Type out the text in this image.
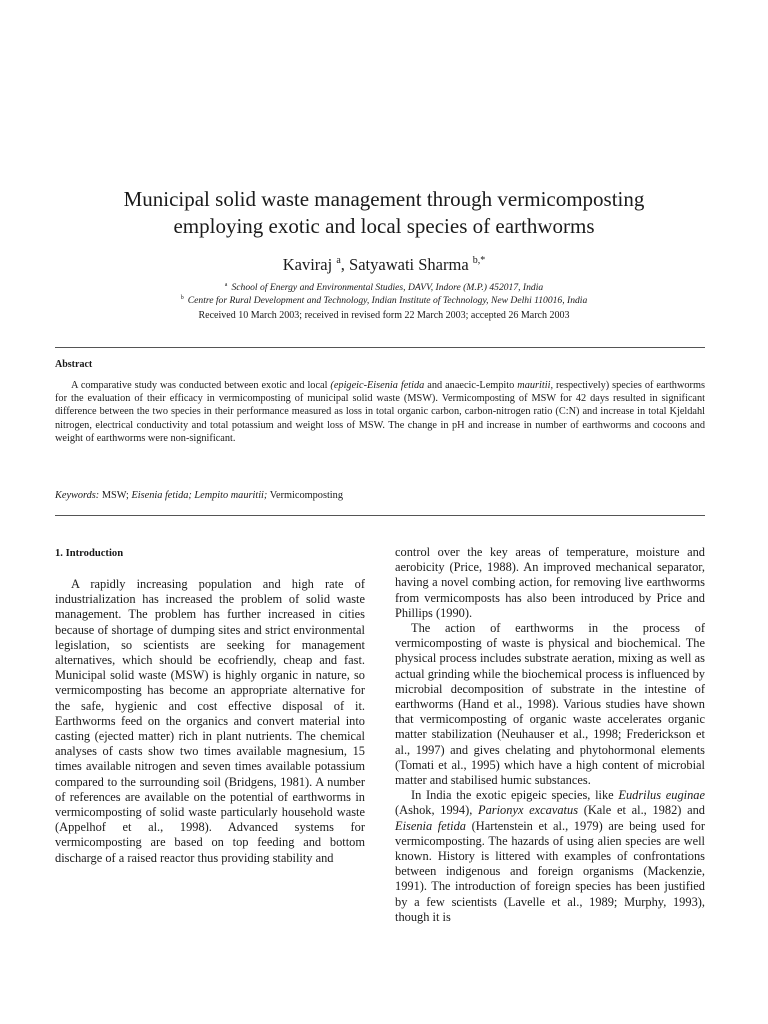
Municipal solid waste management through vermicomposting
employing exotic and local species of earthworms
Kaviraj $^a$, Satyawati Sharma $^{b,*}$
$^a$ School of Energy and Environmental Studies, DAVV, Indore (M.P.) 452017, India
$^b$ Centre for Rural Development and Technology, Indian Institute of Technology, New Delhi 110016, India
Received 10 March 2003; received in revised form 22 March 2003; accepted 26 March 2003
Abstract

A comparative study was conducted between exotic and local (epigeic-Eisenia fetida and anaecic-Lempito mauritii, respectively) species of earthworms for the evaluation of their efficacy in vermicomposting of municipal solid waste (MSW). Vermicomposting of MSW for 42 days resulted in significant difference between the two species in their performance measured as loss in total organic carbon, carbon-nitrogen ratio (C:N) and increase in total Kjeldahl nitrogen, electrical conductivity and total potassium and weight loss of MSW. The change in pH and increase in number of earthworms and cocoons and weight of earthworms were non-significant.

Keywords: MSW; Eisenia fetida; Lempito mauritii; Vermicomposting
1. Introduction

A rapidly increasing population and high rate of industrialization has increased the problem of solid waste management. The problem has further increased in cities because of shortage of dumping sites and strict environmental legislation, so scientists are seeking for management alternatives, which should be ecofriendly, cheap and fast. Municipal solid waste (MSW) is highly organic in nature, so vermicomposting has become an appropriate alternative for the safe, hygienic and cost effective disposal of it. Earthworms feed on the organics and convert material into casting (ejected matter) rich in plant nutrients. The chemical analyses of casts show two times available magnesium, 15 times available nitrogen and seven times available potassium compared to the surrounding soil (Bridgens, 1981). A number of references are available on the potential of earthworms in vermicomposting of solid waste particularly household waste (Appelhof et al., 1998). Advanced systems for vermicomposting are based on top feeding and bottom discharge of a raised reactor thus providing stability and

control over the key areas of temperature, moisture and aerobicity (Price, 1988). An improved mechanical separator, having a novel combing action, for removing live earthworms from vermicomposts has also been introduced by Price and Phillips (1990).

The action of earthworms in the process of vermicomposting of waste is physical and biochemical. The physical process includes substrate aeration, mixing as well as actual grinding while the biochemical process is influenced by microbial decomposition of substrate in the intestine of earthworms (Hand et al., 1998). Various studies have shown that vermicomposting of organic waste accelerates organic matter stabilization (Neuhauser et al., 1998; Frederickson et al., 1997) and gives chelating and phytohormonal elements (Tomati et al., 1995) which have a high content of microbial matter and stabilised humic substances.

In India the exotic epigeic species, like Eudrilus euginae (Ashok, 1994), Parionyx excavatus (Kale et al., 1982) and Eisenia fetida (Hartenstein et al., 1979) are being used for vermicomposting. The hazards of using alien species are well known. History is littered with examples of confrontations between indigenous and foreign organisms (Mackenzie, 1991). The introduction of foreign species has been justified by a few scientists (Lavelle et al., 1989; Murphy, 1993), though it is
